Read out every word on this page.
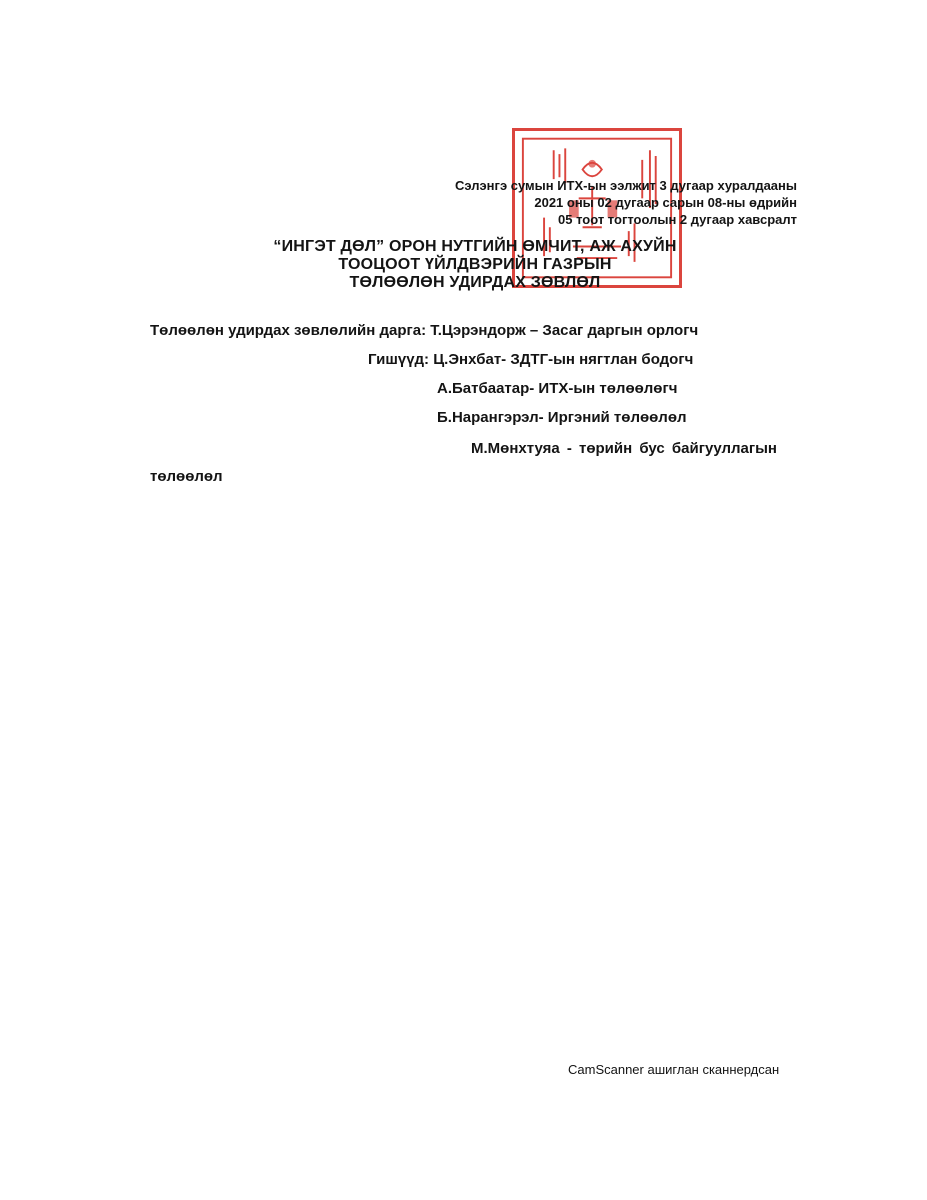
Сэлэнгэ сумын ИТХ-ын ээлжит 3 дугаар хуралдааны
2021 оны 02 дугаар сарын 08-ны өдрийн
05 тоот тогтоолын 2 дугаар хавсралт
“ИНГЭТ ДӨЛ” ОРОН НУТГИЙН ӨМЧИТ, АЖ АХУЙН
ТООЦООТ ҮЙЛДВЭРИЙН ГАЗРЫН
ТӨЛӨӨЛӨН УДИРДАХ ЗӨВЛӨЛ
Төлөөлөн удирдах зөвлөлийн дарга: Т.Цэрэндорж – Засаг даргын орлогч
Гишүүд: Ц.Энхбат- ЗДТГ-ын нягтлан бодогч
А.Батбаатар- ИТХ-ын төлөөлөгч
Б.Нарангэрэл- Иргэний төлөөлөл
М.Мөнхтуяа - төрийн бус байгууллагын
төлөөлөл
CamScanner ашиглан сканнердсан
